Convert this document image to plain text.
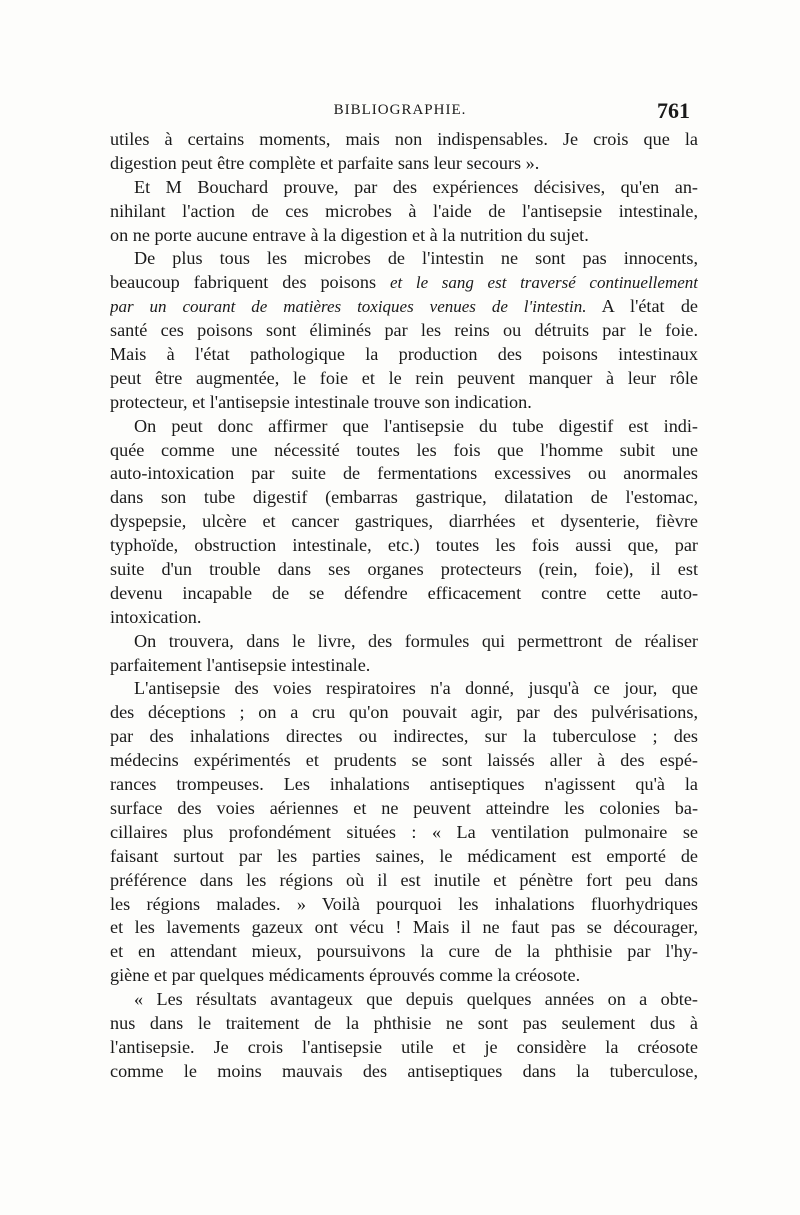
BIBLIOGRAPHIE.	761
utiles à certains moments, mais non indispensables. Je crois que la
digestion peut être complète et parfaite sans leur secours ».
Et M Bouchard prouve, par des expériences décisives, qu'en an-
nihilant l'action de ces microbes à l'aide de l'antisepsie intestinale,
on ne porte aucune entrave à la digestion et à la nutrition du sujet.
De plus tous les microbes de l'intestin ne sont pas innocents,
beaucoup fabriquent des poisons et le sang est traversé continuellement
par un courant de matières toxiques venues de l'intestin. A l'état de
santé ces poisons sont éliminés par les reins ou détruits par le foie.
Mais à l'état pathologique la production des poisons intestinaux
peut être augmentée, le foie et le rein peuvent manquer à leur rôle
protecteur, et l'antisepsie intestinale trouve son indication.
On peut donc affirmer que l'antisepsie du tube digestif est indi-
quée comme une nécessité toutes les fois que l'homme subit une
auto-intoxication par suite de fermentations excessives ou anormales
dans son tube digestif (embarras gastrique, dilatation de l'estomac,
dyspepsie, ulcère et cancer gastriques, diarrhées et dysenterie, fièvre
typhoïde, obstruction intestinale, etc.) toutes les fois aussi que, par
suite d'un trouble dans ses organes protecteurs (rein, foie), il est
devenu incapable de se défendre efficacement contre cette auto-
intoxication.
On trouvera, dans le livre, des formules qui permettront de réaliser
parfaitement l'antisepsie intestinale.
L'antisepsie des voies respiratoires n'a donné, jusqu'à ce jour, que
des déceptions ; on a cru qu'on pouvait agir, par des pulvérisations,
par des inhalations directes ou indirectes, sur la tuberculose ; des
médecins expérimentés et prudents se sont laissés aller à des espé-
rances trompeuses. Les inhalations antiseptiques n'agissent qu'à la
surface des voies aériennes et ne peuvent atteindre les colonies ba-
cillaires plus profondément situées : « La ventilation pulmonaire se
faisant surtout par les parties saines, le médicament est emporté de
préférence dans les régions où il est inutile et pénètre fort peu dans
les régions malades. » Voilà pourquoi les inhalations fluorhydriques
et les lavements gazeux ont vécu ! Mais il ne faut pas se décourager,
et en attendant mieux, poursuivons la cure de la phthisie par l'hy-
giène et par quelques médicaments éprouvés comme la créosote.
« Les résultats avantageux que depuis quelques années on a obte-
nus dans le traitement de la phthisie ne sont pas seulement dus à
l'antisepsie. Je crois l'antisepsie utile et je considère la créosote
comme le moins mauvais des antiseptiques dans la tuberculose,
